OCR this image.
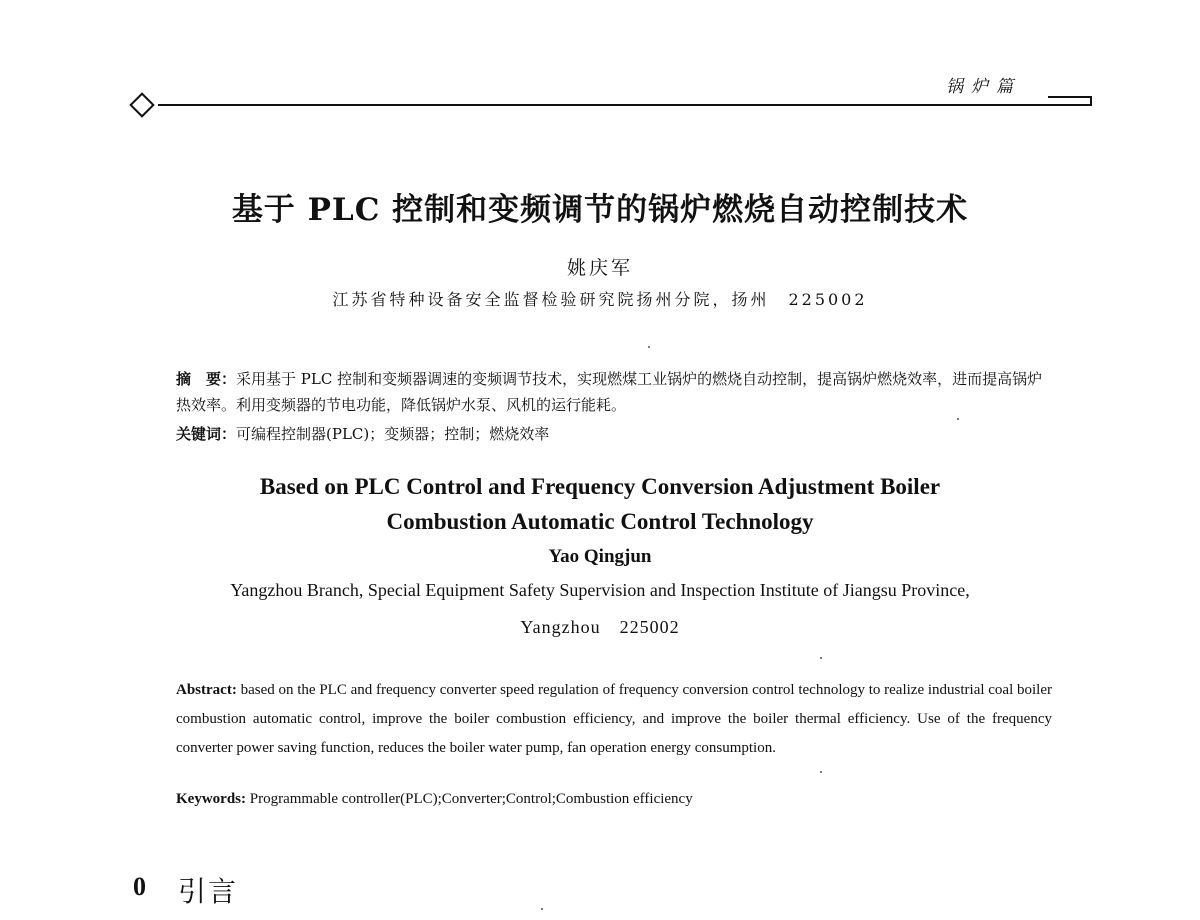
锅炉篇
基于 PLC 控制和变频调节的锅炉燃烧自动控制技术
姚庆军
江苏省特种设备安全监督检验研究院扬州分院，扬州　225002
摘　要：采用基于 PLC 控制和变频器调速的变频调节技术，实现燃煤工业锅炉的燃烧自动控制，提高锅炉燃烧效率，进而提高锅炉热效率。利用变频器的节电功能，降低锅炉水泵、风机的运行能耗。
关键词：可编程控制器(PLC)；变频器；控制；燃烧效率
Based on PLC Control and Frequency Conversion Adjustment Boiler
Combustion Automatic Control Technology
Yao Qingjun
Yangzhou Branch, Special Equipment Safety Supervision and Inspection Institute of Jiangsu Province,
Yangzhou　225002
Abstract: based on the PLC and frequency converter speed regulation of frequency conversion control technology to realize industrial coal boiler combustion automatic control, improve the boiler combustion efficiency, and improve the boiler thermal efficiency. Use of the frequency converter power saving function, reduces the boiler water pump, fan operation energy consumption.
Keywords: Programmable controller(PLC);Converter;Control;Combustion efficiency
0 引言
